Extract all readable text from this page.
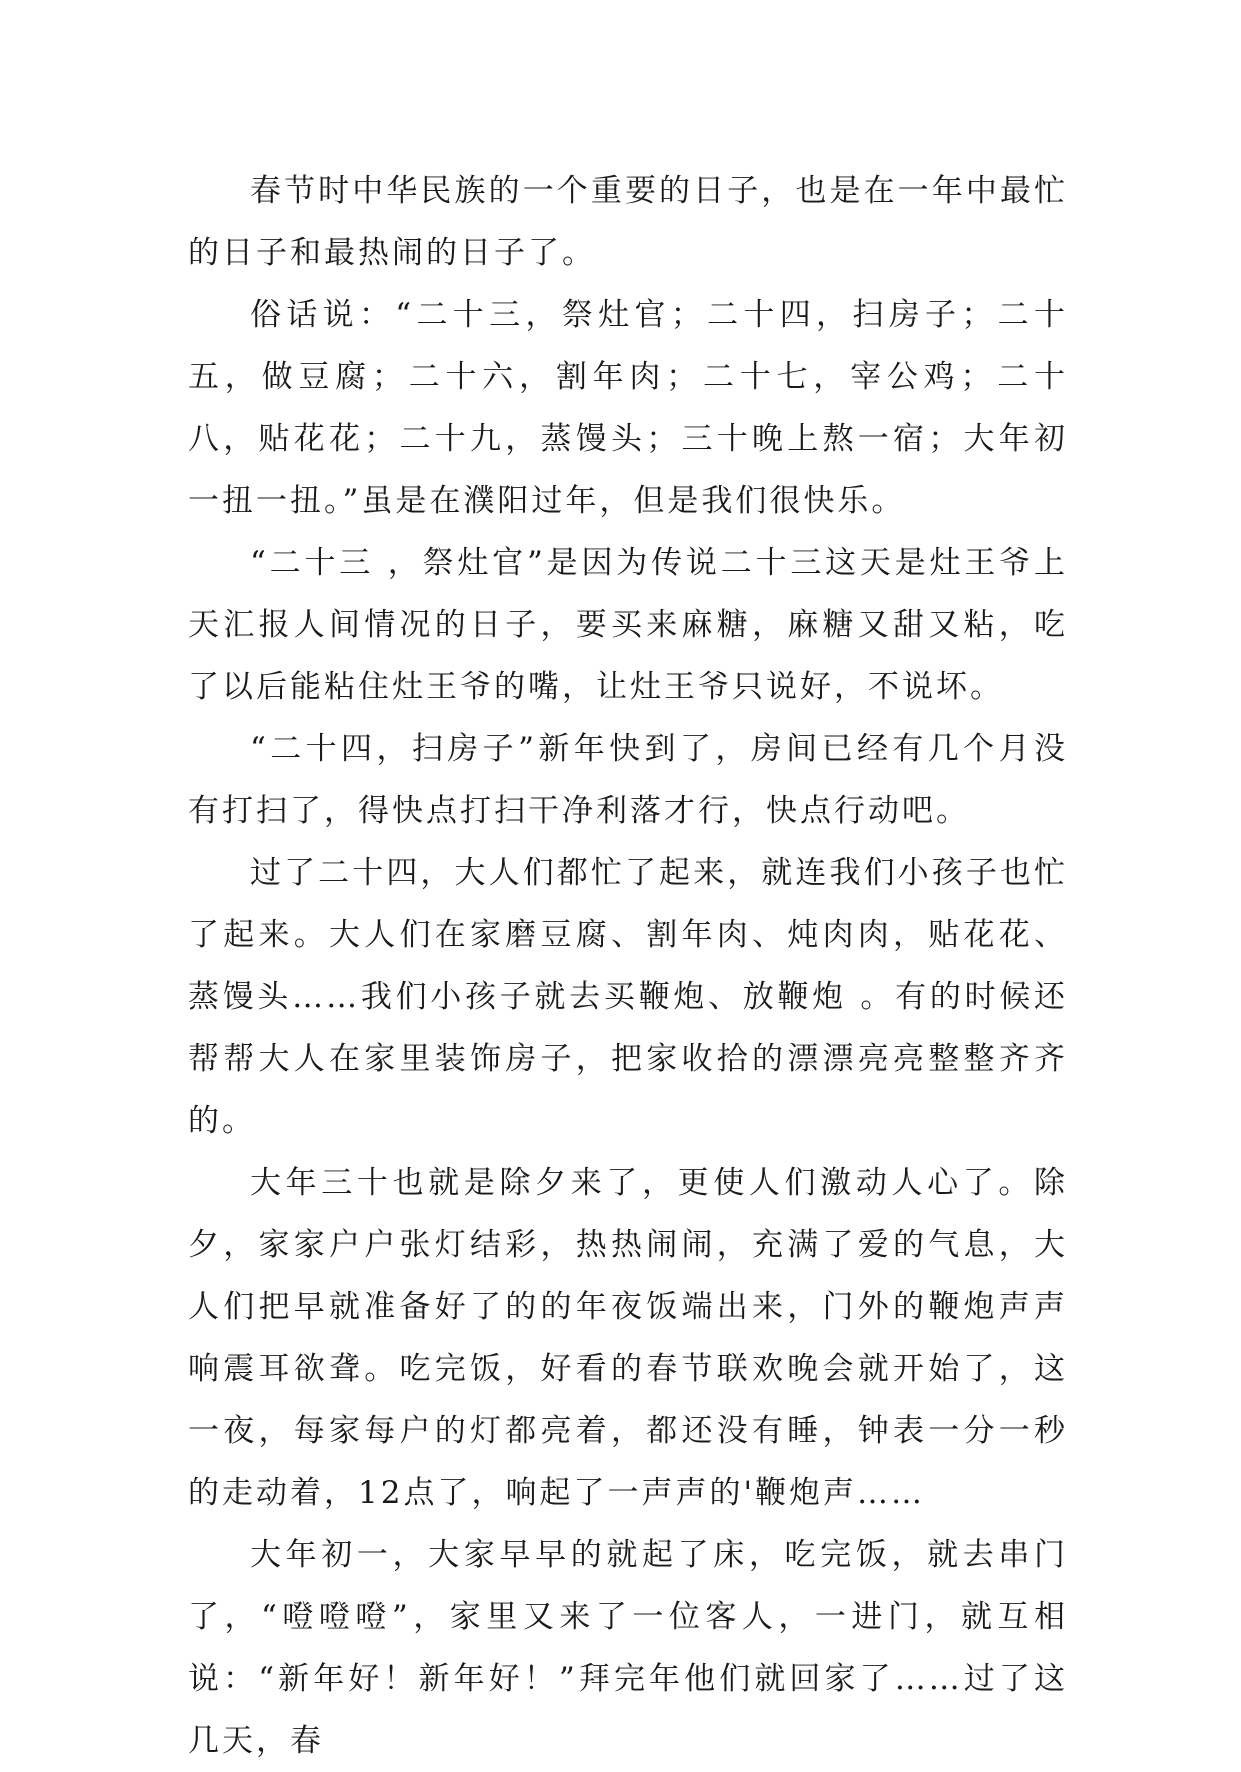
春节时中华民族的一个重要的日子，也是在一年中最忙的日子和最热闹的日子了。

俗话说：“二十三，祭灶官；二十四，扫房子；二十五，做豆腐；二十六，割年肉；二十七，宰公鸡；二十八，贴花花；二十九，蒸馒头；三十晚上熬一宿；大年初一扭一扭。”虽是在濮阳过年，但是我们很快乐。

“二十三 ，祭灶官”是因为传说二十三这天是灶王爷上天汇报人间情况的日子，要买来麻糖，麻糖又甜又粘，吃了以后能粘住灶王爷的嘴，让灶王爷只说好，不说坏。

“二十四，扫房子”新年快到了，房间已经有几个月没有打扫了，得快点打扫干净利落才行，快点行动吧。

过了二十四，大人们都忙了起来，就连我们小孩子也忙了起来。大人们在家磨豆腐、割年肉、炖肉肉，贴花花、蒸馒头……我们小孩子就去买鞭炮、放鞭炮 。有的时候还帮帮大人在家里装饰房子，把家收拾的漂漂亮亮整整齐齐的。

大年三十也就是除夕来了，更使人们激动人心了。除夕，家家户户张灯结彩，热热闹闹，充满了爱的气息，大人们把早就准备好了的的年夜饭端出来，门外的鞭炮声声响震耳欲聋。吃完饭，好看的春节联欢晚会就开始了，这一夜，每家每户的灯都亮着，都还没有睡，钟表一分一秒的走动着，12点了，响起了一声声的'鞭炮声……

大年初一，大家早早的就起了床，吃完饭，就去串门了，“噔噔噔”，家里又来了一位客人，一进门，就互相说：“新年好！新年好！”拜完年他们就回家了……过了这几天，春
